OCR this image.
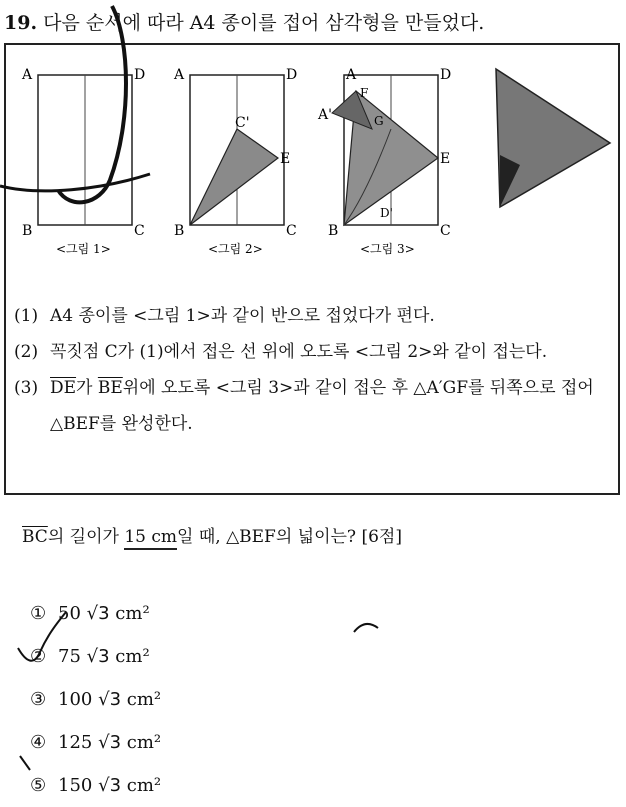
19. 다음 순서에 따라 A4 종이를 접어 삼각형을 만들었다.
A	D
B	C
<그림 1>
A	D
C'
E
B	C
<그림 2>
A	D
A'
F
G
E
B	C
D'
<그림 3>
(1) A4 종이를 <그림 1>과 같이 반으로 접었다가 편다.
(2) 꼭짓점 C가 (1)에서 접은 선 위에 오도록 <그림 2>와 같이 접는다.
(3) $\overline{DE}$가 $\overline{BE}$위에 오도록 <그림 3>과 같이 접은 후 △A′GF를 뒤쪽으로 접어 △BEF를 완성한다.
$\overline{BC}$의 길이가 15 cm일 때, △BEF의 넓이는? [6점]
① 50
√3
cm²
② 75
√3
cm²
③ 100
√3
cm²
④ 125
√3
cm²
⑤ 150
√3
cm²
